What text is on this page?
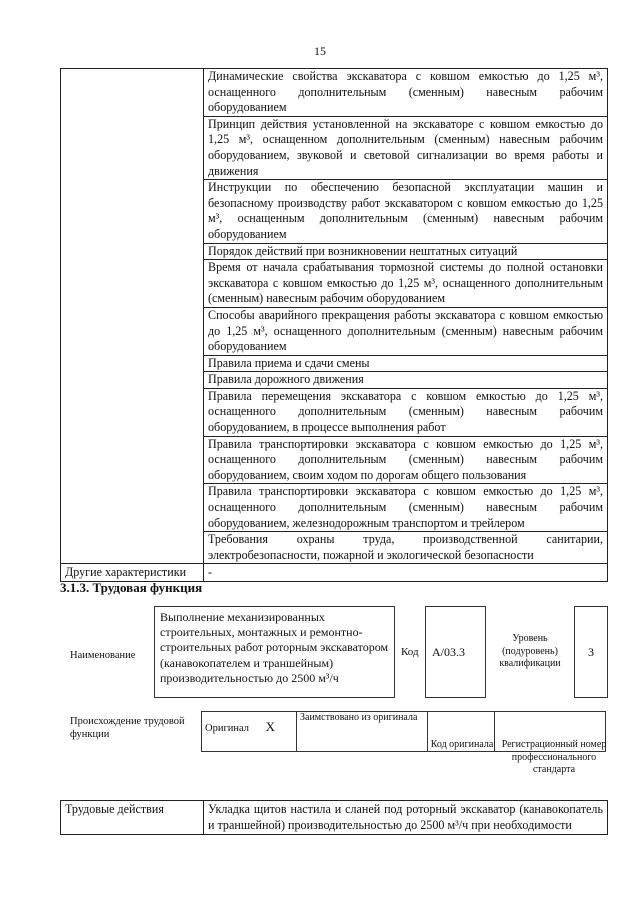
15
	Динамические свойства экскаватора с ковшом емкостью до 1,25 м³, оснащенного дополнительным (сменным) навесным рабочим оборудованием
	Принцип действия установленной на экскаваторе с ковшом емкостью до 1,25 м³, оснащенном дополнительным (сменным) навесным рабочим оборудованием, звуковой и световой сигнализации во время работы и движения
	Инструкции по обеспечению безопасной эксплуатации машин и безопасному производству работ экскаватором с ковшом емкостью до 1,25 м³, оснащенным дополнительным (сменным) навесным рабочим оборудованием
	Порядок действий при возникновении нештатных ситуаций
	Время от начала срабатывания тормозной системы до полной остановки экскаватора с ковшом емкостью до 1,25 м³, оснащенного дополнительным (сменным) навесным рабочим оборудованием
	Способы аварийного прекращения работы экскаватора с ковшом емкостью до 1,25 м³, оснащенного дополнительным (сменным) навесным рабочим оборудованием
	Правила приема и сдачи смены
	Правила дорожного движения
	Правила перемещения экскаватора с ковшом емкостью до 1,25 м³, оснащенного дополнительным (сменным) навесным рабочим оборудованием, в процессе выполнения работ
	Правила транспортировки экскаватора с ковшом емкостью до 1,25 м³, оснащенного дополнительным (сменным) навесным рабочим оборудованием, своим ходом по дорогам общего пользования
	Правила транспортировки экскаватора с ковшом емкостью до 1,25 м³, оснащенного дополнительным (сменным) навесным рабочим оборудованием, железнодорожным транспортом и трейлером
	Требования охраны труда, производственной санитарии, электробезопасности, пожарной и экологической безопасности
Другие характеристики	-
3.1.3. Трудовая функция
Наименование
Выполнение механизированных строительных, монтажных и ремонтно-строительных работ роторным экскаватором (канавокопателем и траншейным) производительностью до 2500 м³/ч
Код А/03.3
Уровень (подуровень) квалификации
3
Происхождение трудовой функции
Оригинал X	Заимствовано из оригинала		
Код оригинала Регистрационный номер профессионального стандарта
Трудовые действия	Укладка щитов настила и сланей под роторный экскаватор (канавокопатель и траншейной) производительностью до 2500 м³/ч при необходимости
